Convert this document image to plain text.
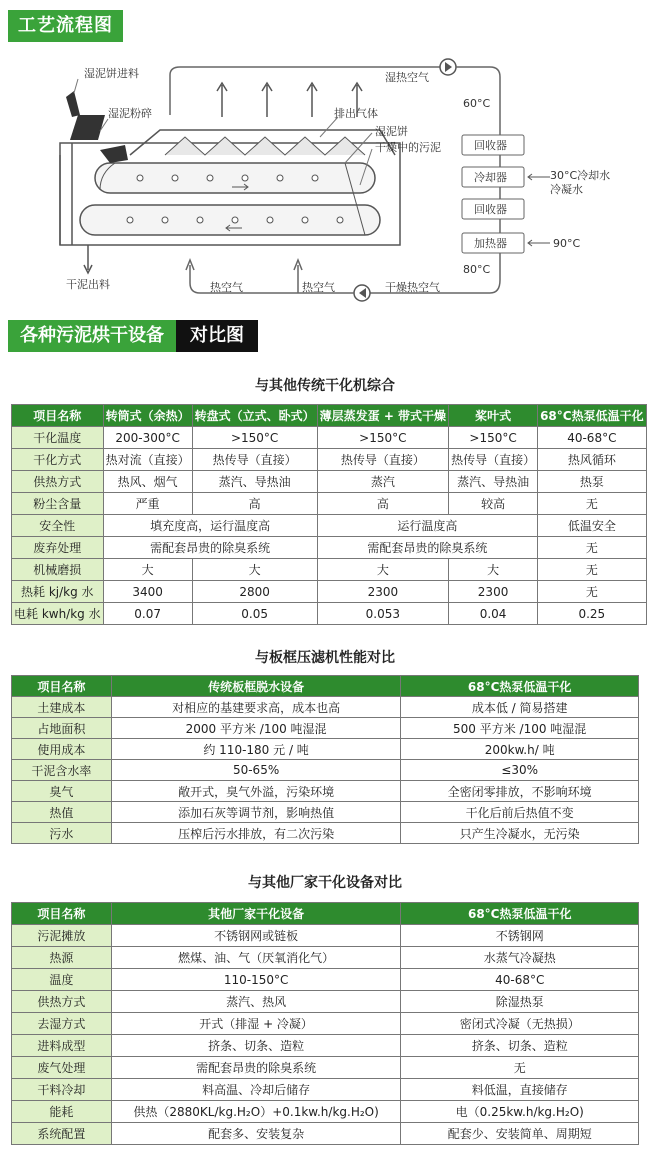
工艺流程图
湿泥饼进料
湿泥粉碎	排出气体
湿泥饼
干燥中的污泥
干泥出料	热空气	热空气	干燥热空气
湿热空气
60°C
80°C
回收器
冷却器
回收器
加热器
30°C冷却水
冷凝水
90°C
各种污泥烘干设备	对比图
与其他传统干化机综合
项目名称	转筒式（余热）	转盘式（立式、卧式）	薄层蒸发蛋 + 带式干燥	桨叶式	68°C热泵低温干化
干化温度	200-300°C	>150°C	>150°C	>150°C	40-68°C
干化方式	热对流（直接）	热传导（直接）	热传导（直接）	热传导（直接）	热风循环
供热方式	热风、烟气	蒸汽、导热油	蒸汽	蒸汽、导热油	热泵
粉尘含量	严重	高	高	较高	无
安全性	填充度高，运行温度高		运行温度高		低温安全
废弃处理	需配套昂贵的除臭系统		需配套昂贵的除臭系统		无
机械磨损	大	大	大	大	无
热耗 kj/kg 水	3400	2800	2300	2300	无
电耗 kwh/kg 水	0.07	0.05	0.053	0.04	0.25
与板框压滤机性能对比
项目名称	传统板框脱水设备	68°C热泵低温干化
土建成本	对相应的基建要求高，成本也高	成本低 / 简易搭建
占地面积	2000 平方米 /100 吨湿混	500 平方米 /100 吨湿混
使用成本	约 110-180 元 / 吨	200kw.h/ 吨
干泥含水率	50-65%	≤30%
臭气	敞开式，臭气外溢，污染环境	全密闭零排放，不影响环境
热值	添加石灰等调节剂，影响热值	干化后前后热值不变
污水	压榨后污水排放，有二次污染	只产生冷凝水，无污染
与其他厂家干化设备对比
项目名称	其他厂家干化设备	68°C热泵低温干化
污泥摊放	不锈钢网或链板	不锈钢网
热源	燃煤、油、气（厌氧消化气）	水蒸气冷凝热
温度	110-150°C	40-68°C
供热方式	蒸汽、热风	除湿热泵
去湿方式	开式（排湿 + 冷凝）	密闭式冷凝（无热损）
进料成型	挤条、切条、造粒	挤条、切条、造粒
废气处理	需配套昂贵的除臭系统	无
干料冷却	料高温、冷却后储存	料低温，直接储存
能耗	供热（2880KL/kg.H₂O）+0.1kw.h/kg.H₂O)	电（0.25kw.h/kg.H₂O)
系统配置	配套多、安装复杂	配套少、安装简单、周期短
